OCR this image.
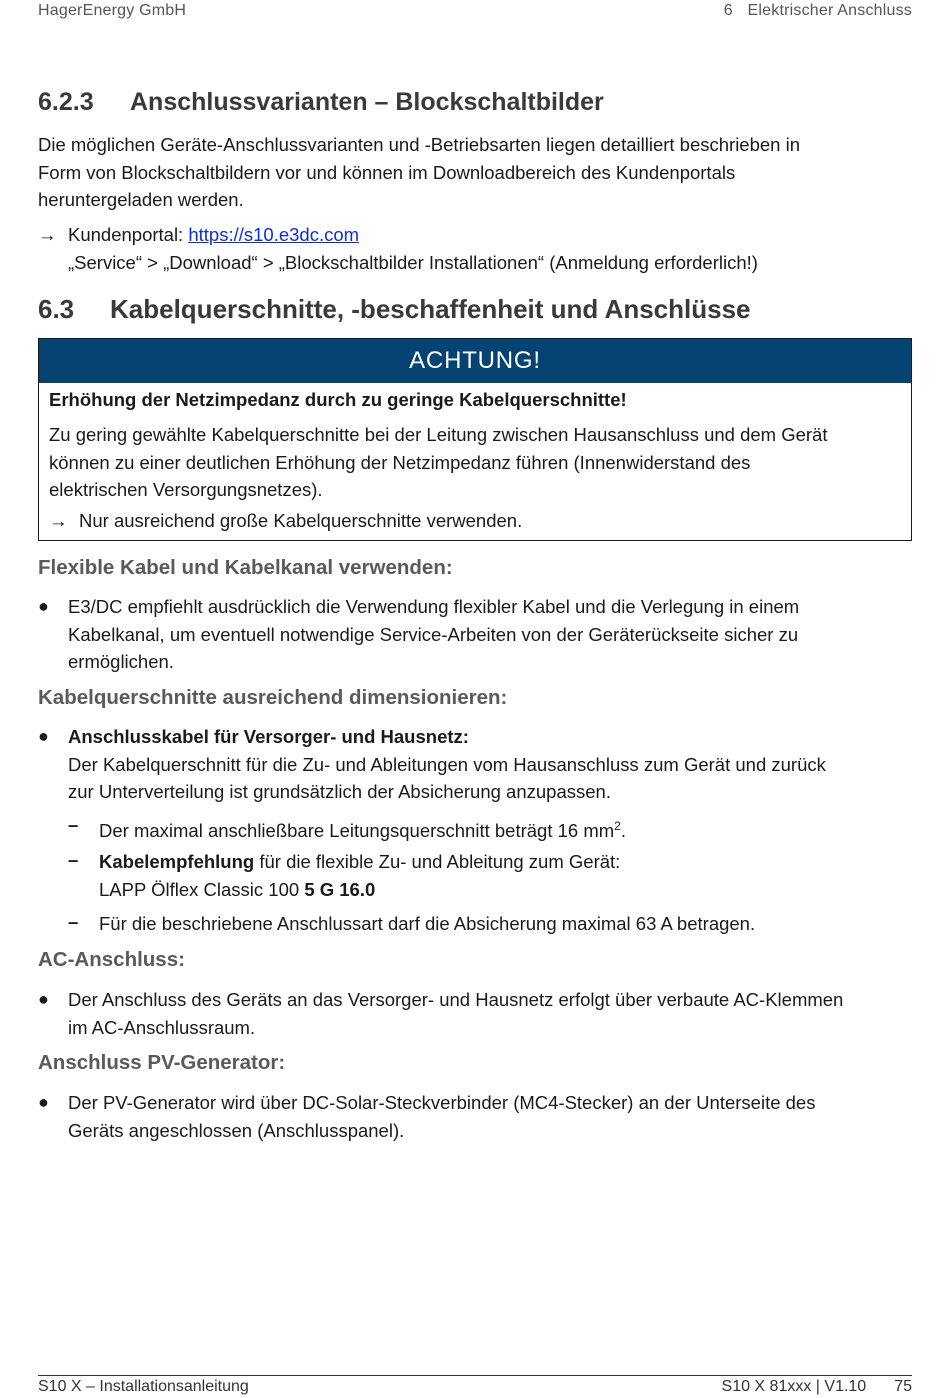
HagerEnergy GmbH	6 Elektrischer Anschluss
6.2.3 Anschlussvarianten – Blockschaltbilder
Die möglichen Geräte-Anschlussvarianten und -Betriebsarten liegen detailliert beschrieben in
Form von Blockschaltbildern vor und können im Downloadbereich des Kundenportals
heruntergeladen werden.
→ Kundenportal: https://s10.e3dc.com
„Service“ > „Download“ > „Blockschaltbilder Installationen“ (Anmeldung erforderlich!)
6.3 Kabelquerschnitte, -beschaffenheit und Anschlüsse
ACHTUNG!
Erhöhung der Netzimpedanz durch zu geringe Kabelquerschnitte!
Zu gering gewählte Kabelquerschnitte bei der Leitung zwischen Hausanschluss und dem Gerät
können zu einer deutlichen Erhöhung der Netzimpedanz führen (Innenwiderstand des
elektrischen Versorgungsnetzes).
→ Nur ausreichend große Kabelquerschnitte verwenden.
Flexible Kabel und Kabelkanal verwenden:
● E3/DC empfiehlt ausdrücklich die Verwendung flexibler Kabel und die Verlegung in einem
Kabelkanal, um eventuell notwendige Service-Arbeiten von der Geräterückseite sicher zu
ermöglichen.
Kabelquerschnitte ausreichend dimensionieren:
● Anschlusskabel für Versorger- und Hausnetz:
Der Kabelquerschnitt für die Zu- und Ableitungen vom Hausanschluss zum Gerät und zurück
zur Unterverteilung ist grundsätzlich der Absicherung anzupassen.
– Der maximal anschließbare Leitungsquerschnitt beträgt 16 $mm^2$.
– Kabelempfehlung für die flexible Zu- und Ableitung zum Gerät:
LAPP Ölflex Classic 100 5 G 16.0
– Für die beschriebene Anschlussart darf die Absicherung maximal 63 A betragen.
AC-Anschluss:
● Der Anschluss des Geräts an das Versorger- und Hausnetz erfolgt über verbaute AC-Klemmen
im AC-Anschlussraum.
Anschluss PV-Generator:
● Der PV-Generator wird über DC-Solar-Steckverbinder (MC4-Stecker) an der Unterseite des
Geräts angeschlossen (Anschlusspanel).
S10 X – Installationsanleitung	S10 X 81xxx | V1.10 75
